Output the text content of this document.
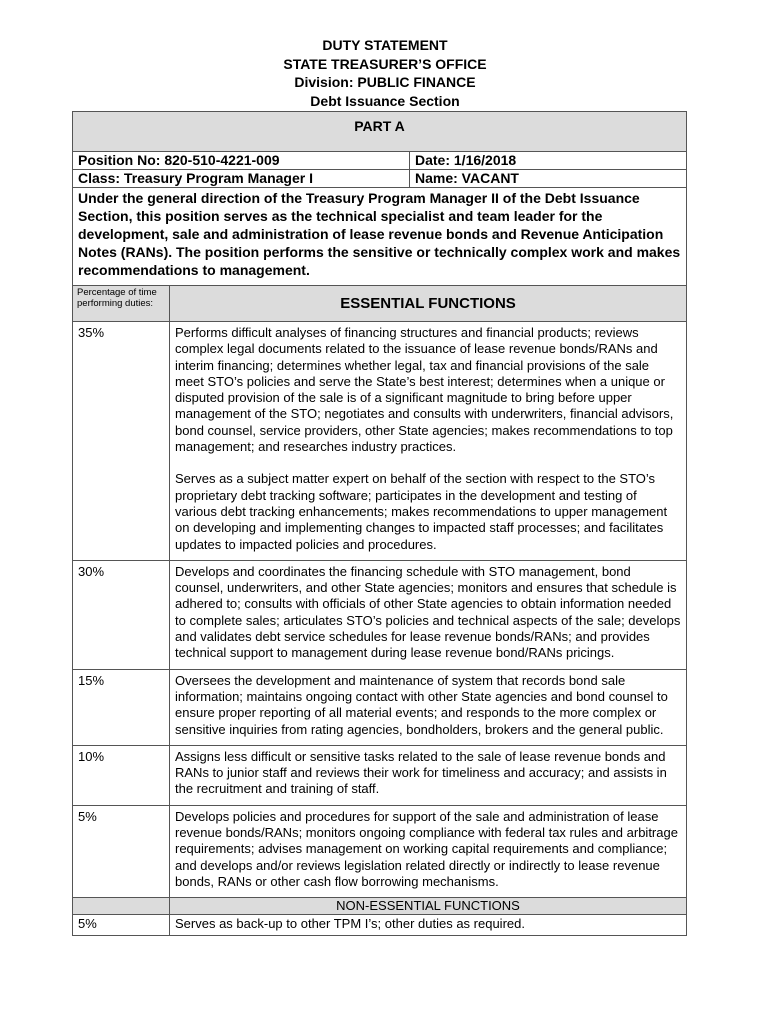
DUTY STATEMENT
STATE TREASURER’S OFFICE
Division: PUBLIC FINANCE
Debt Issuance Section
PART A		
Position No: 820-510-4221-009		Date: 1/16/2018
Class: Treasury Program Manager I		Name: VACANT
Under the general direction of the Treasury Program Manager II of the Debt Issuance Section, this position serves as the technical specialist and team leader for the development, sale and administration of lease revenue bonds and Revenue Anticipation Notes (RANs). The position performs the sensitive or technically complex work and makes recommendations to management.		
Percentage of time performing duties:	ESSENTIAL FUNCTIONS	
35%	Performs difficult analyses of financing structures and financial products; reviews complex legal documents related to the issuance of lease revenue bonds/RANs and interim financing; determines whether legal, tax and financial provisions of the sale meet STO’s policies and serve the State’s best interest; determines when a unique or disputed provision of the sale is of a significant magnitude to bring before upper management of the STO; negotiates and consults with underwriters, financial advisors, bond counsel, service providers, other State agencies; makes recommendations to top management; and researches industry practices.

Serves as a subject matter expert on behalf of the section with respect to the STO’s proprietary debt tracking software; participates in the development and testing of various debt tracking enhancements; makes recommendations to upper management on developing and implementing changes to impacted staff processes; and facilitates updates to impacted policies and procedures.	

30%	Develops and coordinates the financing schedule with STO management, bond counsel, underwriters, and other State agencies; monitors and ensures that schedule is adhered to; consults with officials of other State agencies to obtain information needed to complete sales; articulates STO’s policies and technical aspects of the sale; develops and validates debt service schedules for lease revenue bonds/RANs; and provides technical support to management during lease revenue bond/RANs pricings.	

15%	Oversees the development and maintenance of system that records bond sale information; maintains ongoing contact with other State agencies and bond counsel to ensure proper reporting of all material events; and responds to the more complex or sensitive inquiries from rating agencies, bondholders, brokers and the general public.	

10%	Assigns less difficult or sensitive tasks related to the sale of lease revenue bonds and RANs to junior staff and reviews their work for timeliness and accuracy; and assists in the recruitment and training of staff.	

5%	Develops policies and procedures for support of the sale and administration of lease revenue bonds/RANs; monitors ongoing compliance with federal tax rules and arbitrage requirements; advises management on working capital requirements and compliance; and develops and/or reviews legislation related directly or indirectly to lease revenue bonds, RANs or other cash flow borrowing mechanisms.	

	NON-ESSENTIAL FUNCTIONS	
5%	Serves as back-up to other TPM I’s; other duties as required.	
